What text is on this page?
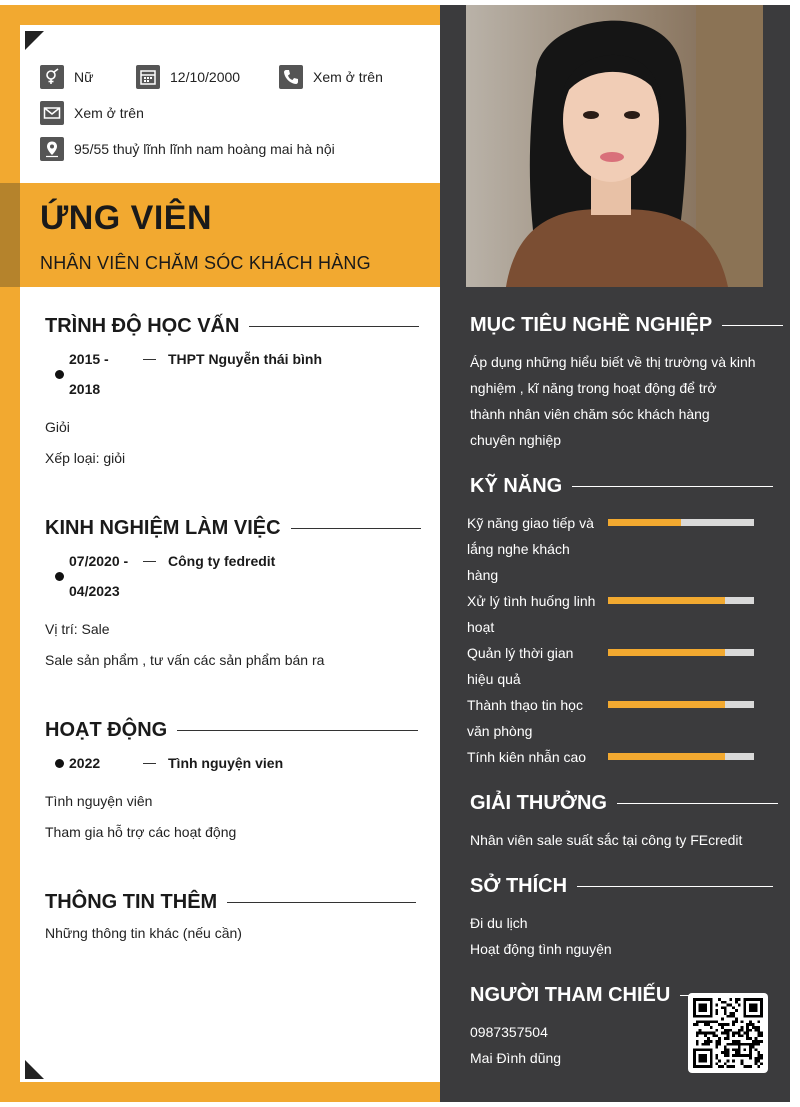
Nữ	12/10/2000	Xem ở trên
Xem ở trên
95/55 thuỷ lĩnh lĩnh nam hoàng mai hà nội
ỨNG VIÊN
NHÂN VIÊN CHĂM SÓC KHÁCH HÀNG
TRÌNH ĐỘ HỌC VẤN
2015 -
2018
THPT Nguyễn thái bình
Giỏi
Xếp loại: giỏi
KINH NGHIỆM LÀM VIỆC
07/2020 -
04/2023
Công ty fedredit
Vị trí: Sale
Sale sản phẩm , tư vấn các sản phẩm bán ra
HOẠT ĐỘNG
2022	Tình nguyện vien
Tình nguyện viên
Tham gia hỗ trợ các hoạt động
THÔNG TIN THÊM
Những thông tin khác (nếu cần)
MỤC TIÊU NGHỀ NGHIỆP
Áp dụng những hiểu biết về thị trường và kinh
nghiệm , kĩ năng trong hoạt động để trở
thành nhân viên chăm sóc khách hàng
chuyên nghiệp
KỸ NĂNG
Kỹ năng giao tiếp và
lắng nghe khách
hàng
Xử lý tình huống linh
hoạt
Quản lý thời gian
hiệu quả
Thành thạo tin học
văn phòng
Tính kiên nhẫn cao
GIẢI THƯỞNG
Nhân viên sale suất sắc tại công ty FEcredit
SỞ THÍCH
Đi du lịch
Hoạt động tình nguyện
NGƯỜI THAM CHIẾU
0987357504
Mai Đình dũng
